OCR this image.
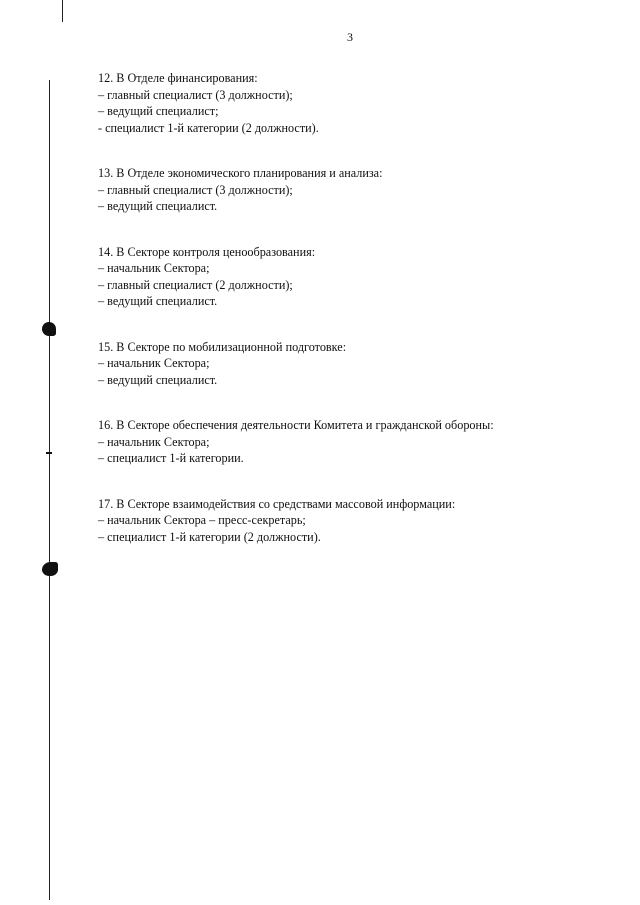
3

12. В Отделе финансирования:

– главный специалист (3 должности);
– ведущий специалист;
- специалист 1-й категории (2 должности).

13. В Отделе экономического планирования и анализа:

– главный специалист (3 должности);
– ведущий специалист.

14. В Секторе контроля ценообразования:

– начальник Сектора;
– главный специалист (2 должности);
– ведущий специалист.

15. В Секторе по мобилизационной подготовке:

– начальник Сектора;
– ведущий специалист.

16. В Секторе обеспечения деятельности Комитета и гражданской обороны:

– начальник Сектора;
– специалист 1-й категории.

17. В Секторе взаимодействия со средствами массовой информации:

– начальник Сектора – пресс-секретарь;
– специалист 1-й категории (2 должности).
